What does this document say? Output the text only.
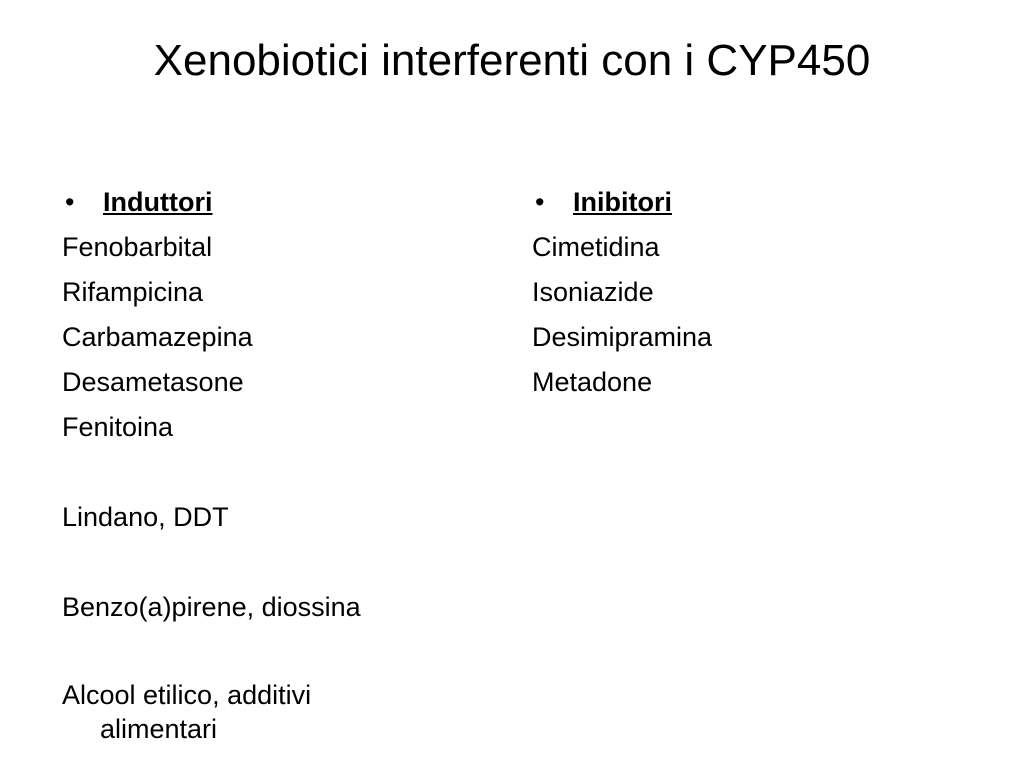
Xenobiotici interferenti con i CYP450
• Induttori
Fenobarbital
Rifampicina
Carbamazepina
Desametasone
Fenitoina
Lindano, DDT
Benzo(a)pirene, diossina
Alcool etilico, additivi alimentari
• Inibitori
Cimetidina
Isoniazide
Desimipramina
Metadone
